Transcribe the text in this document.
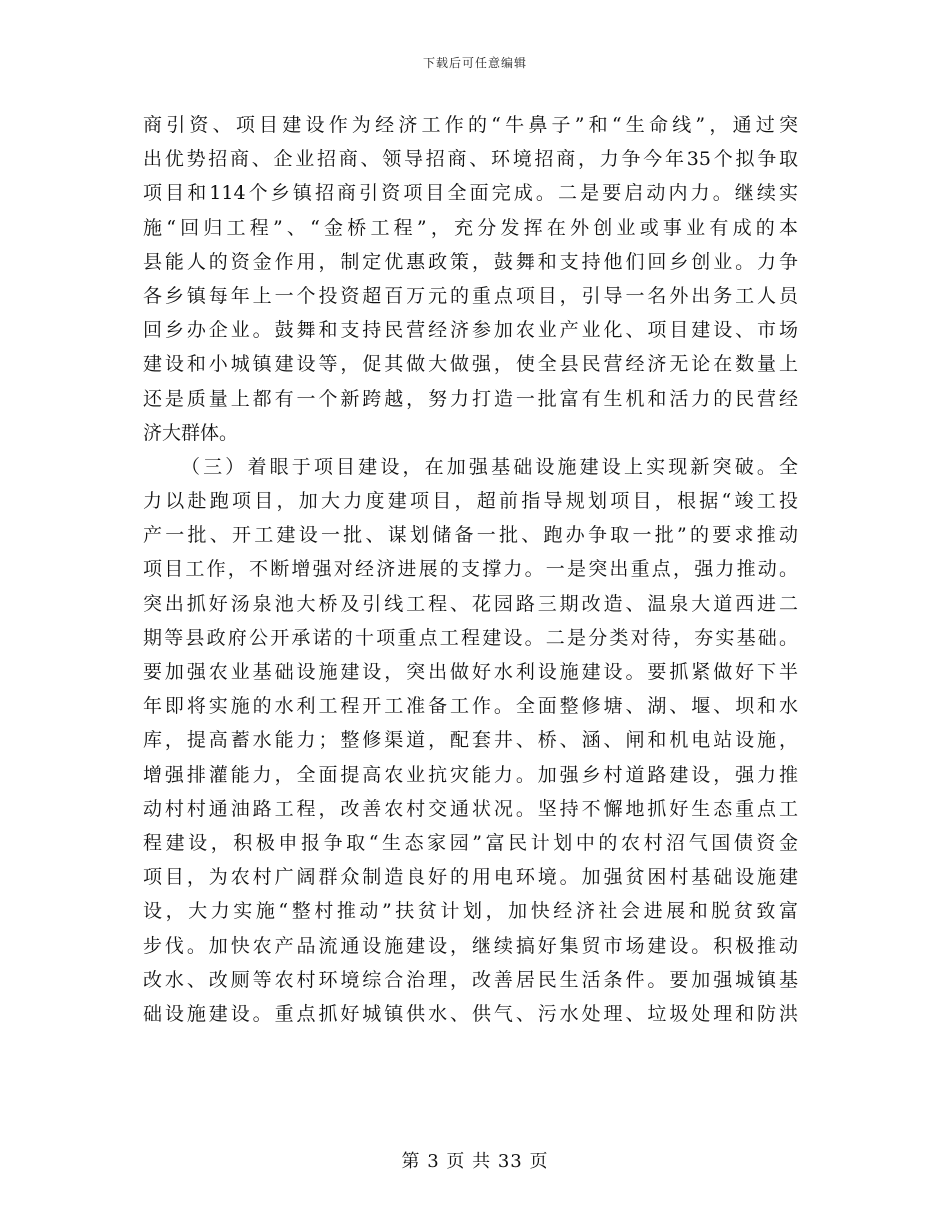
下载后可任意编辑
商引资、项目建设作为经济工作的“牛鼻子”和“生命线”，通过突
出优势招商、企业招商、领导招商、环境招商，力争今年35个拟争取
项目和114个乡镇招商引资项目全面完成。二是要启动内力。继续实
施“回归工程”、“金桥工程”，充分发挥在外创业或事业有成的本
县能人的资金作用，制定优惠政策，鼓舞和支持他们回乡创业。力争
各乡镇每年上一个投资超百万元的重点项目，引导一名外出务工人员
回乡办企业。鼓舞和支持民营经济参加农业产业化、项目建设、市场
建设和小城镇建设等，促其做大做强，使全县民营经济无论在数量上
还是质量上都有一个新跨越，努力打造一批富有生机和活力的民营经
济大群体。
（三）着眼于项目建设，在加强基础设施建设上实现新突破。全
力以赴跑项目，加大力度建项目，超前指导规划项目，根据“竣工投
产一批、开工建设一批、谋划储备一批、跑办争取一批”的要求推动
项目工作，不断增强对经济进展的支撑力。一是突出重点，强力推动。
突出抓好汤泉池大桥及引线工程、花园路三期改造、温泉大道西进二
期等县政府公开承诺的十项重点工程建设。二是分类对待，夯实基础。
要加强农业基础设施建设，突出做好水利设施建设。要抓紧做好下半
年即将实施的水利工程开工准备工作。全面整修塘、湖、堰、坝和水
库，提高蓄水能力；整修渠道，配套井、桥、涵、闸和机电站设施，
增强排灌能力，全面提高农业抗灾能力。加强乡村道路建设，强力推
动村村通油路工程，改善农村交通状况。坚持不懈地抓好生态重点工
程建设，积极申报争取“生态家园”富民计划中的农村沼气国债资金
项目，为农村广阔群众制造良好的用电环境。加强贫困村基础设施建
设，大力实施“整村推动”扶贫计划，加快经济社会进展和脱贫致富
步伐。加快农产品流通设施建设，继续搞好集贸市场建设。积极推动
改水、改厕等农村环境综合治理，改善居民生活条件。要加强城镇基
础设施建设。重点抓好城镇供水、供气、污水处理、垃圾处理和防洪
第 3 页 共 33 页
